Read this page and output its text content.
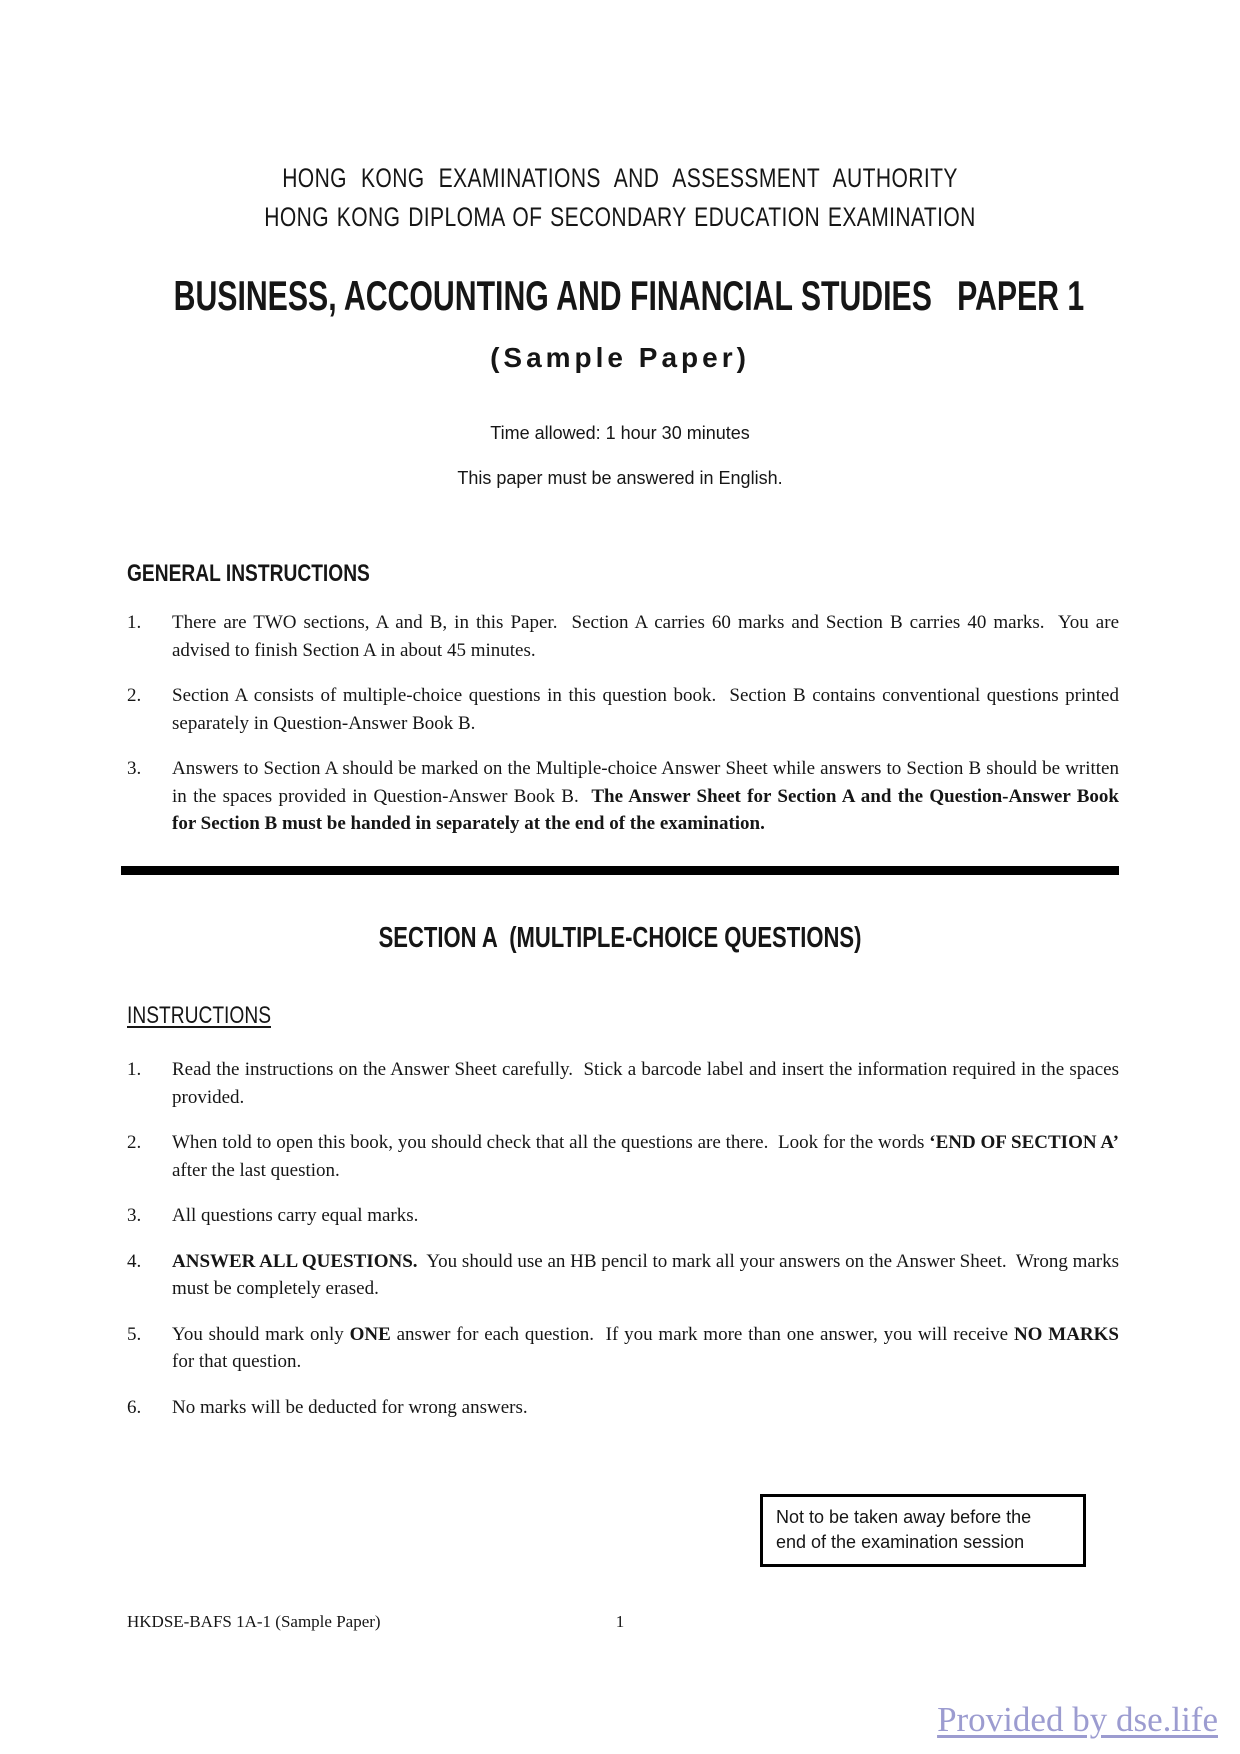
HONG KONG EXAMINATIONS AND ASSESSMENT AUTHORITY
HONG KONG DIPLOMA OF SECONDARY EDUCATION EXAMINATION
BUSINESS, ACCOUNTING AND FINANCIAL STUDIES   PAPER 1
(Sample Paper)
Time allowed: 1 hour 30 minutes
This paper must be answered in English.
GENERAL INSTRUCTIONS
1.	There are TWO sections, A and B, in this Paper.  Section A carries 60 marks and Section B carries 40 marks.  You are advised to finish Section A in about 45 minutes.
2.	Section A consists of multiple-choice questions in this question book.  Section B contains conventional questions printed separately in Question-Answer Book B.
3.	Answers to Section A should be marked on the Multiple-choice Answer Sheet while answers to Section B should be written in the spaces provided in Question-Answer Book B.  The Answer Sheet for Section A and the Question-Answer Book for Section B must be handed in separately at the end of the examination.
SECTION A  (MULTIPLE-CHOICE QUESTIONS)
INSTRUCTIONS
1.	Read the instructions on the Answer Sheet carefully.  Stick a barcode label and insert the information required in the spaces provided.
2.	When told to open this book, you should check that all the questions are there.  Look for the words ‘END OF SECTION A’ after the last question.
3.	All questions carry equal marks.
4.	ANSWER ALL QUESTIONS.  You should use an HB pencil to mark all your answers on the Answer Sheet.  Wrong marks must be completely erased.
5.	You should mark only ONE answer for each question.  If you mark more than one answer, you will receive NO MARKS for that question.
6.	No marks will be deducted for wrong answers.
Not to be taken away before the
end of the examination session
HKDSE-BAFS 1A-1 (Sample Paper)	1
Provided by dse.life
